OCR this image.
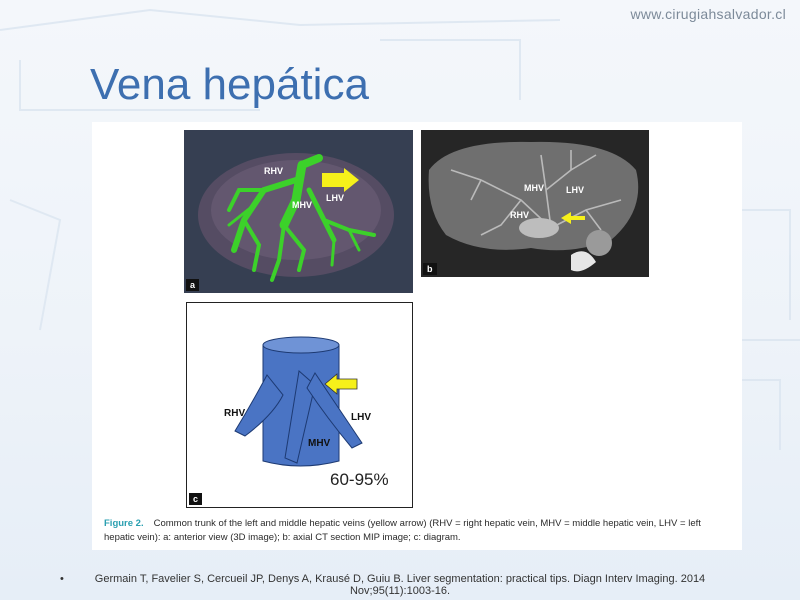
www.cirugiahsalvador.cl
Vena hepática
RHV
MHV
LHV
a
MHV LHV
RHV
b
RHV	LHV
MHV
c
60-95%
Figure 2. Common trunk of the left and middle hepatic veins (yellow arrow) (RHV = right hepatic vein, MHV = middle hepatic vein, LHV = left hepatic vein): a: anterior view (3D image); b: axial CT section MIP image; c: diagram.
•	Germain T, Favelier S, Cercueil JP, Denys A, Krausé D, Guiu B. Liver segmentation: practical tips. Diagn Interv Imaging. 2014 Nov;95(11):1003-16.
